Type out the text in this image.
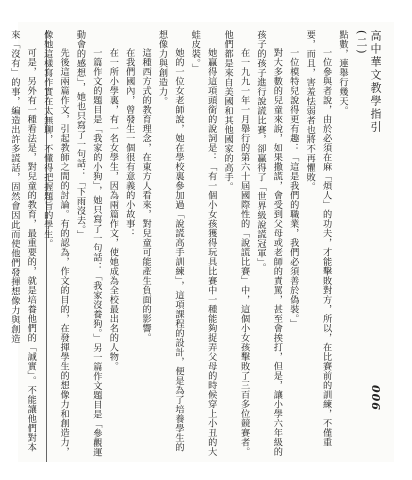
高中華文教學指引(二)
006

點數，連舉行幾天。

一位參與者說，由於必須在麻「煩人」的功夫，才能擊敗對方，所以，在比賽前的訓練，不僅重要，而且，害羞怯弱者也將不再懼敗。

一位模特兒說得更有趣：「這是我們的職業，我們必須善於偽裝。」

對大多數的兒童來說，如果撒謊，會受到父母或老師的責罵，甚至會挨打，但是，讓小學六年級的孩子的孩子進行說謊比賽，卻贏得了「世界級說謊冠軍」。

在一九九一年一月舉行的第六十屆國際性的「說謊比賽」中，這個小女孩擊敗了三百多位競賽者。他們都是來自美國和其他國家的高手。

她贏得這項頭銜的說詞是：「有一個小女孩獲得玩具比賽中一種能夠捉弄父母的時候穿上小丑的大蛙皮裝。」

她的一位女老師說，她在學校裏參加過「說謊高手訓練」，這項課程的設計，便是為了培養學生的想像力與創造力。

這種西方式的教育理念，在東方人看來，對兒童可能產生負面的影響。

在我們國內，曾發生一個很有意義的小故事：

在一所小學裏，有一名女學生，因為兩篇作文，使她成為全校最出名的人物。

一篇作文的題目是「我家的小狗」，她只寫了一句話：「我家沒養狗。」另一篇作文題目是「參觀運動會的感想」，她也只寫了一句話：「下雨沒去。」

先後這兩篇作文，引起教師之間的討論。有的認為，作文的目的，在發揮學生的想像力和創造力，像她這樣寫作實在太無聊，不懂得把握題旨的學生。

可是，另外有一種看法是，對兒童的教育，最重要的，就是培養他們的「誠實」。不能讓他們對本來「沒有」的事，編造出許多謊話，固然會因此而使他們發揮想像力與創造
